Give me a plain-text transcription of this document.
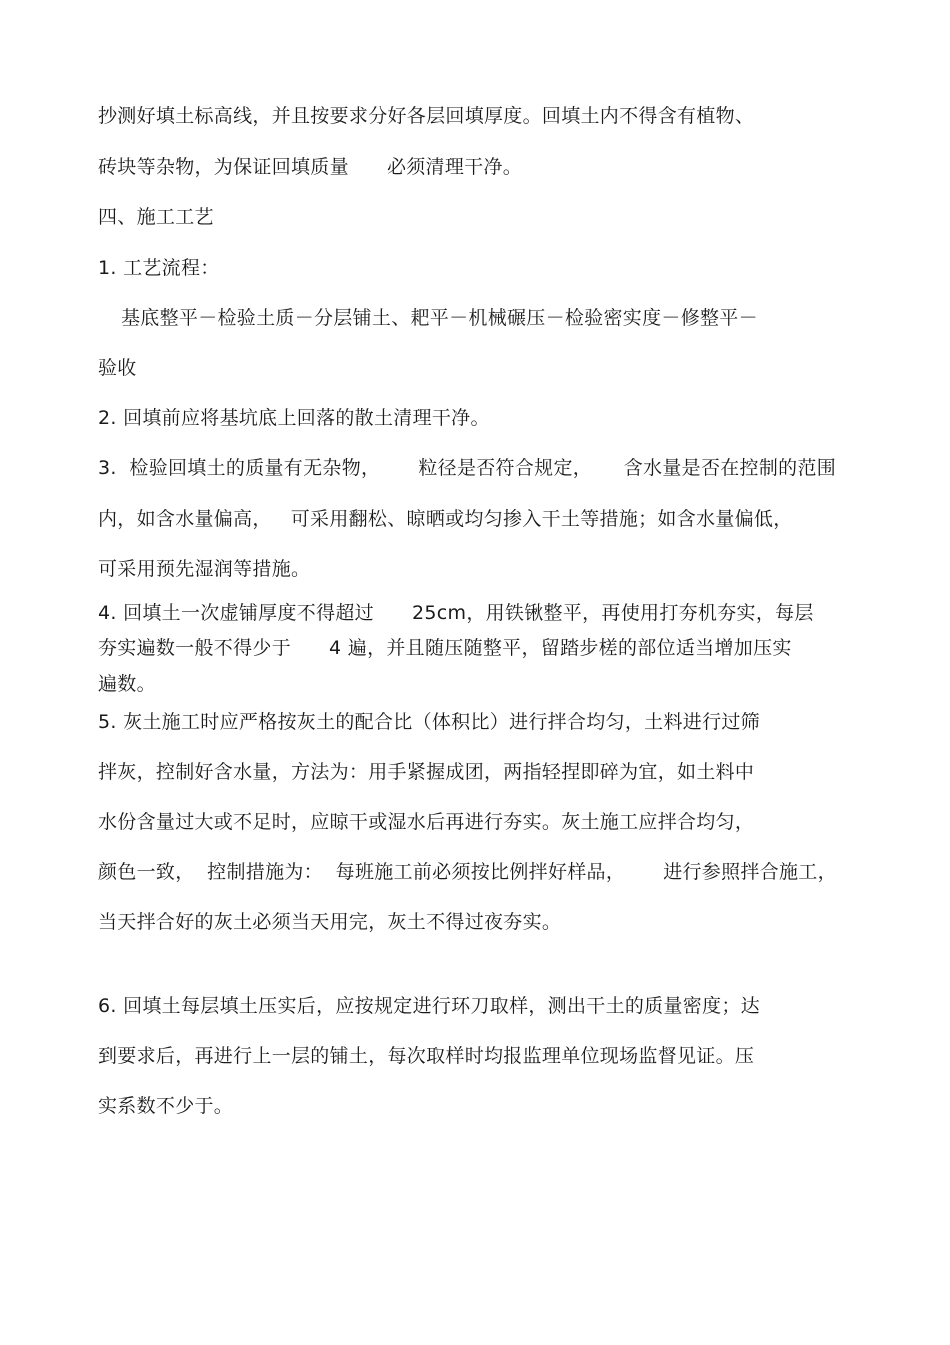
抄测好填土标高线，并且按要求分好各层回填厚度。回填土内不得含有植物、
砖块等杂物，为保证回填质量      必须清理干净。
四、施工工艺
1. 工艺流程：
基底整平－检验土质－分层铺土、耙平－机械碾压－检验密实度－修整平－
验收
2. 回填前应将基坑底上回落的散土清理干净。
3.  检验回填土的质量有无杂物，      粒径是否符合规定，     含水量是否在控制的范围
内，如含水量偏高，   可采用翻松、晾晒或均匀掺入干土等措施；如含水量偏低，
可采用预先湿润等措施。
4. 回填土一次虚铺厚度不得超过      25cm，用铁锹整平，再使用打夯机夯实，每层
夯实遍数一般不得少于      4 遍，并且随压随整平，留踏步槎的部位适当增加压实
遍数。
5. 灰土施工时应严格按灰土的配合比（体积比）进行拌合均匀，土料进行过筛
拌灰，控制好含水量，方法为：用手紧握成团，两指轻捏即碎为宜，如土料中
水份含量过大或不足时，应晾干或湿水后再进行夯实。灰土施工应拌合均匀，
颜色一致，  控制措施为：  每班施工前必须按比例拌好样品，      进行参照拌合施工，
当天拌合好的灰土必须当天用完，灰土不得过夜夯实。
6. 回填土每层填土压实后，应按规定进行环刀取样，测出干土的质量密度；达
到要求后，再进行上一层的铺土，每次取样时均报监理单位现场监督见证。压
实系数不少于。
